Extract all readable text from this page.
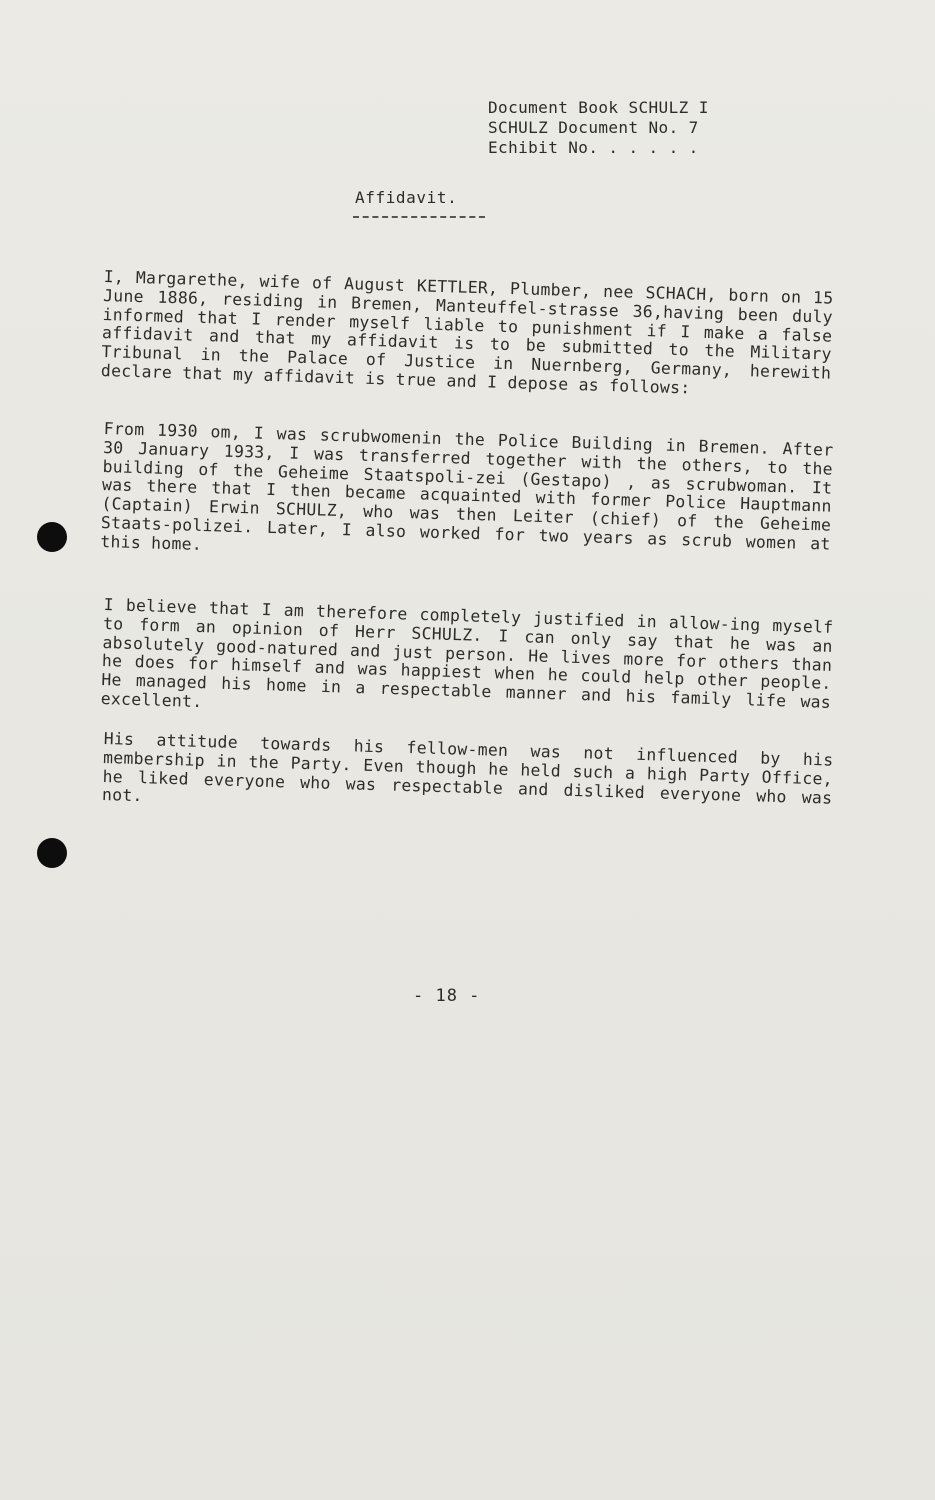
Document Book SCHULZ I
SCHULZ Document No. 7
Echibit No. . . . . .
Affidavit.
I, Margarethe, wife of August KETTLER, Plumber, nee SCHACH, born on 15 June 1886, residing in Bremen, Manteuffel-strasse 36,having been duly informed that I render myself liable to punishment if I make a false affidavit and that my affidavit is to be submitted to the Military Tribunal in the Palace of Justice in Nuernberg, Germany, herewith declare that my affidavit is true and I depose as follows:
From 1930 om, I was scrubwomenin the Police Building in Bremen. After 30 January 1933, I was transferred together with the others, to the building of the Geheime Staatspoli-zei (Gestapo) , as scrubwoman. It was there that I then became acquainted with former Police Hauptmann (Captain) Erwin SCHULZ, who was then Leiter (chief) of the Geheime Staats-polizei. Later, I also worked for two years as scrub women at this home.
I believe that I am therefore completely justified in allow-ing myself to form an opinion of Herr SCHULZ. I can only say that he was an absolutely good-natured and just person. He lives more for others than he does for himself and was happiest when he could help other people. He managed his home in a respectable manner and his family life was excellent.
His attitude towards his fellow-men was not influenced by his membership in the Party. Even though he held such a high Party Office, he liked everyone who was respectable and disliked everyone who was not.
- 18 -
